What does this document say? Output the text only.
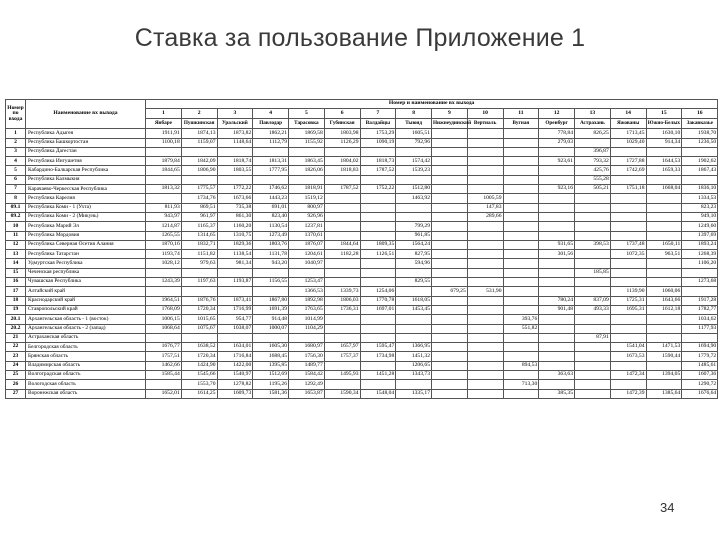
Ставка за пользование Приложение 1
Номер по входа	Наименование вх выхода	Номер и наименование вх выхода															
		1	2	3	4	5	6	7	8	9	10	11	12	13	14	15	16
		Янбаре	Пушкинская	Уральский	Павлодар	Тарасовка	Губинская	Валдайцы	Тыюнд	Нижнеудинский	Вертиаль	Вугная	Оренбург	Астрахань	Яжованы	Южно-Белых	Закавказье
1	Республика Адыгея	1911,91	1874,13	1873,82	1862,21	1869,58	1803,98	1753,29	1605,51				778,84	826,25	1713,45	1630,10	1938,70
2	Республика Башкортостан	1100,18	1159,07	1148,64	1112,79	1155,92	1126,29	1090,19	792,96				279,03		1029,40	914,34	1236,50
3	Республика Дагестан													396,87			
4	Республика Ингушетия	1879,84	1842,09	1818,74	1813,31	1863,45	1804,02	1818,73	1574,42				923,61	793,32	1727,88	1644,53	1902,62
5	Кабардино-Балкарская Республика	1844,65	1806,90	1803,55	1777,95	1826,06	1818,83	1787,52	1539,23					425,76	1742,69	1659,33	1867,43
6	Республика Калмыкия													555,28			
7	Карачаево-Черкесская Республика	1813,32	1775,57	1772,22	1746,62	1818,91	1787,52	1752,22	1512,80				923,16	505,21	1751,18	1668,04	1836,10
8	Республика Карелия		1734,76	1673,66	1443,23	1519,12			1463,92		1005,59						1334,53
09.1	Республика Коми - 1 (Ухта)	811,93	869,51	735,38	691,01	800,97					147,83						823,23
09.2	Республика Коми - 2 (Микунь)	943,97	961,97	861,30	823,40	926,96					289,66						949,10
10	Республика Марий Эл	1214,87	1165,37	1160,20	1130,54	1237,81			799,29								1249,60
11	Республика Мордовия	1265,55	1314,65	1310,75	1273,49	1370,61			961,85								1397,69
12	Республика Северная Осетия Алания	1870,16	1832,71	1829,36	1803,76	1876,07	1844,64	1809,35	1564,24				931,65	398,53	1737,48	1650,11	1893,24
13	Республика Татарстан	1193,74	1151,82	1138,54	1131,78	1204,61	1182,28	1126,51	827,95				301,56		1072,35	963,51	1268,39
14	Удмуртская Республика	1028,12	979,63	981,34	943,20	1040,97			594,96								1106,20
15	Чеченская республика													185,85			
16	Чувашская Республика	1243,39	1197,63	1193,87	1156,55	1253,47			829,55								1273,68
17	Алтайский край					1366,53	1339,73	1254,06		679,25	531,90				1139,90	1060,06	
18	Краснодарский край	1964,51	1876,76	1873,41	1867,80	1892,98	1806,03	1770,78	1618,05				780,24	837,09	1725,31	1643,66	1917,28
19	Ставропольский край	1768,09	1720,34	1716,99	1691,39	1763,65	1736,31	1697,01	1453,45				901,48	493,33	1695,31	1612,18	1782,77
20.1	Архангельская область - 1 (восток)	1006,15	1015,65	954,77	914,48	1014,99						393,76					1034,62
20.2	Архангельская область - 2 (запад)	1068,64	1075,67	1038,07	1000,07	1104,29						551,82					1177,93
21	Астраханская область													87,91			
22	Белгородская область	1676,77	1638,52	1634,01	1605,30	1680,97	1657,97	1595,47	1366,95						1541,04	1471,53	1694,90
23	Брянская область	1757,51	1720,34	1716,84	1688,45	1756,30	1757,37	1734,98	1451,32						1673,53	1590,44	1779,72
24	Владимирская область	1462,66	1424,90	1422,00	1395,85	1489,77			1206,65			894,53					1485,61
25	Волгоградская область	1585,44	1545,66	1540,97	1512,69	1584,42	1495,93	1451,28	1343,73				363,63		1472,34	1394,05	1607,36
26	Вологодская область		1553,70	1278,82	1195,26	1292,49						713,30					1290,72
27	Воронежская область	1652,01	1614,25	1609,73	1581,36	1653,87	1590,34	1548,04	1335,17				385,35		1472,39	1385,64	1676,64
34
